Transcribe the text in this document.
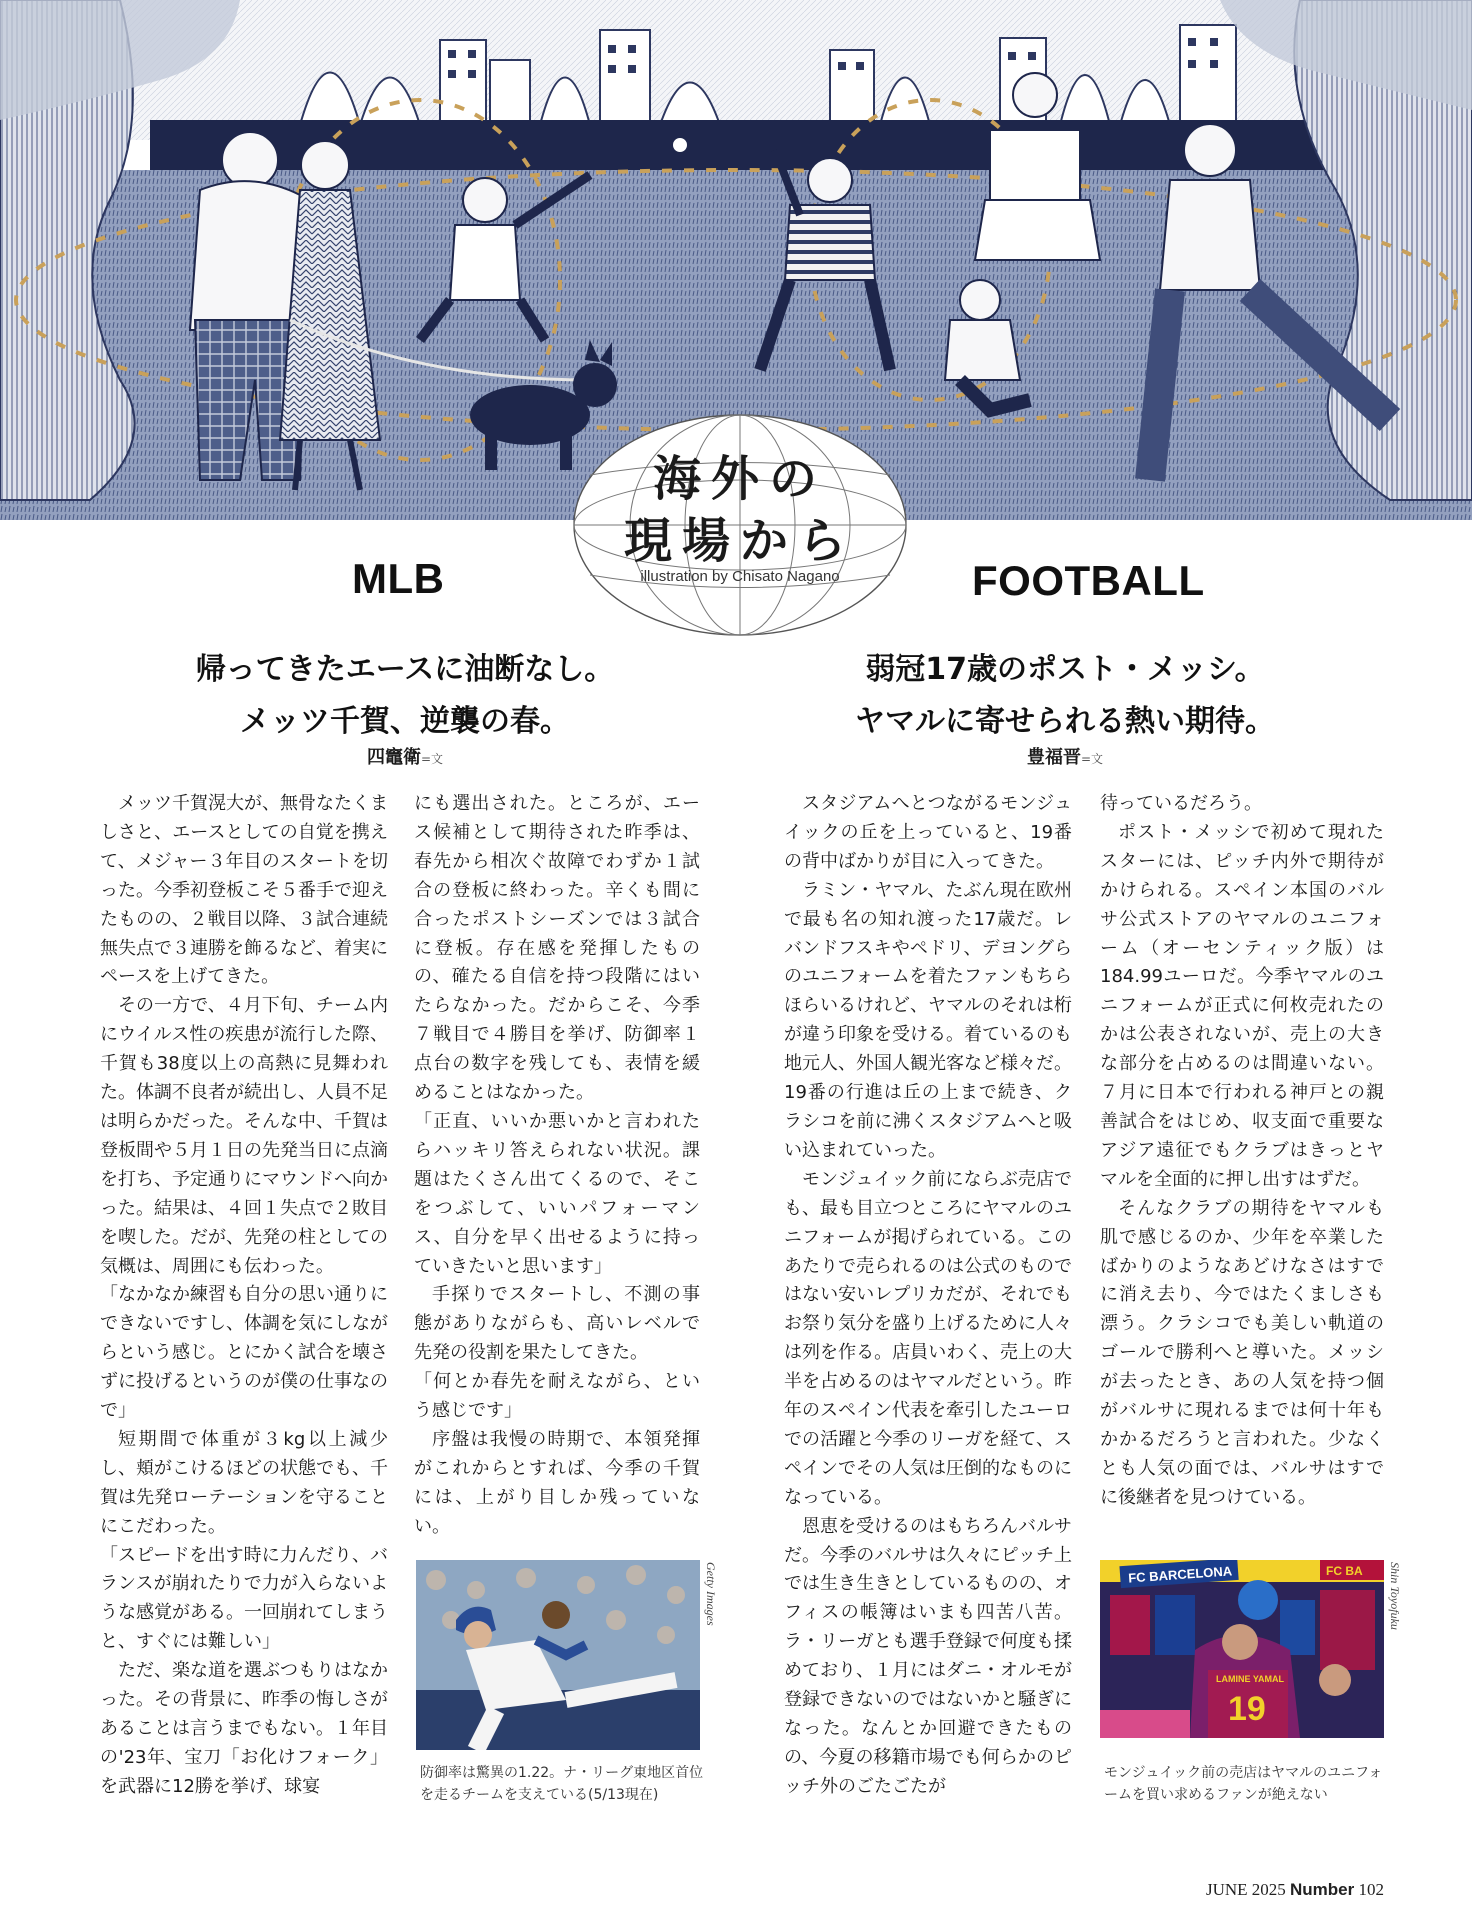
海外の
現場から
illustration by Chisato Nagano
MLB	FOOTBALL
帰ってきたエースに油断なし。
メッツ千賀、逆襲の春。
四竈衛=文
弱冠17歳のポスト・メッシ。
ヤマルに寄せられる熱い期待。
豊福晋=文

メッツ千賀滉大が、無骨なたくましさと、エースとしての自覚を携えて、メジャー３年目のスタートを切った。今季初登板こそ５番手で迎えたものの、２戦目以降、３試合連続無失点で３連勝を飾るなど、着実にペースを上げてきた。

その一方で、４月下旬、チーム内にウイルス性の疾患が流行した際、千賀も38度以上の高熱に見舞われた。体調不良者が続出し、人員不足は明らかだった。そんな中、千賀は登板間や５月１日の先発当日に点滴を打ち、予定通りにマウンドへ向かった。結果は、４回１失点で２敗目を喫した。だが、先発の柱としての気概は、周囲にも伝わった。

「なかなか練習も自分の思い通りにできないですし、体調を気にしながらという感じ。とにかく試合を壊さずに投げるというのが僕の仕事なので」

短期間で体重が３kg以上減少し、頬がこけるほどの状態でも、千賀は先発ローテーションを守ることにこだわった。

「スピードを出す時に力んだり、バランスが崩れたりで力が入らないような感覚がある。一回崩れてしまうと、すぐには難しい」

ただ、楽な道を選ぶつもりはなかった。その背景に、昨季の悔しさがあることは言うまでもない。１年目の'23年、宝刀「お化けフォーク」を武器に12勝を挙げ、球宴

にも選出された。ところが、エース候補として期待された昨季は、春先から相次ぐ故障でわずか１試合の登板に終わった。辛くも間に合ったポストシーズンでは３試合に登板。存在感を発揮したものの、確たる自信を持つ段階にはいたらなかった。だからこそ、今季７戦目で４勝目を挙げ、防御率１点台の数字を残しても、表情を緩めることはなかった。

「正直、いいか悪いかと言われたらハッキリ答えられない状況。課題はたくさん出てくるので、そこをつぶして、いいパフォーマンス、自分を早く出せるように持っていきたいと思います」

手探りでスタートし、不測の事態がありながらも、高いレベルで先発の役割を果たしてきた。

「何とか春先を耐えながら、という感じです」

序盤は我慢の時期で、本領発揮がこれからとすれば、今季の千賀には、上がり目しか残っていない。

Getty Images
防御率は驚異の1.22。ナ・リーグ東地区首位を走るチームを支えている(5/13現在)

スタジアムへとつながるモンジュイックの丘を上っていると、19番の背中ばかりが目に入ってきた。

ラミン・ヤマル、たぶん現在欧州で最も名の知れ渡った17歳だ。レバンドフスキやペドリ、デヨングらのユニフォームを着たファンもちらほらいるけれど、ヤマルのそれは桁が違う印象を受ける。着ているのも地元人、外国人観光客など様々だ。19番の行進は丘の上まで続き、クラシコを前に沸くスタジアムへと吸い込まれていった。

モンジュイック前にならぶ売店でも、最も目立つところにヤマルのユニフォームが掲げられている。このあたりで売られるのは公式のものではない安いレプリカだが、それでもお祭り気分を盛り上げるために人々は列を作る。店員いわく、売上の大半を占めるのはヤマルだという。昨年のスペイン代表を牽引したユーロでの活躍と今季のリーガを経て、スペインでその人気は圧倒的なものになっている。

恩恵を受けるのはもちろんバルサだ。今季のバルサは久々にピッチ上では生き生きとしているものの、オフィスの帳簿はいまも四苦八苦。ラ・リーガとも選手登録で何度も揉めており、１月にはダニ・オルモが登録できないのではないかと騒ぎになった。なんとか回避できたものの、今夏の移籍市場でも何らかのピッチ外のごたごたが

待っているだろう。

ポスト・メッシで初めて現れたスターには、ピッチ内外で期待がかけられる。スペイン本国のバルサ公式ストアのヤマルのユニフォーム（オーセンティック版）は184.99ユーロだ。今季ヤマルのユニフォームが正式に何枚売れたのかは公表されないが、売上の大きな部分を占めるのは間違いない。７月に日本で行われる神戸との親善試合をはじめ、収支面で重要なアジア遠征でもクラブはきっとヤマルを全面的に押し出すはずだ。

そんなクラブの期待をヤマルも肌で感じるのか、少年を卒業したばかりのようなあどけなさはすでに消え去り、今ではたくましさも漂う。クラシコでも美しい軌道のゴールで勝利へと導いた。メッシが去ったとき、あの人気を持つ個がバルサに現れるまでは何十年もかかるだろうと言われた。少なくとも人気の面では、バルサはすでに後継者を見つけている。

FC BARCELONA	FC BA
LAMINE YAMAL
19
Shin Toyofuku
モンジュイック前の売店はヤマルのユニフォームを買い求めるファンが絶えない
JUNE 2025 Number 102
